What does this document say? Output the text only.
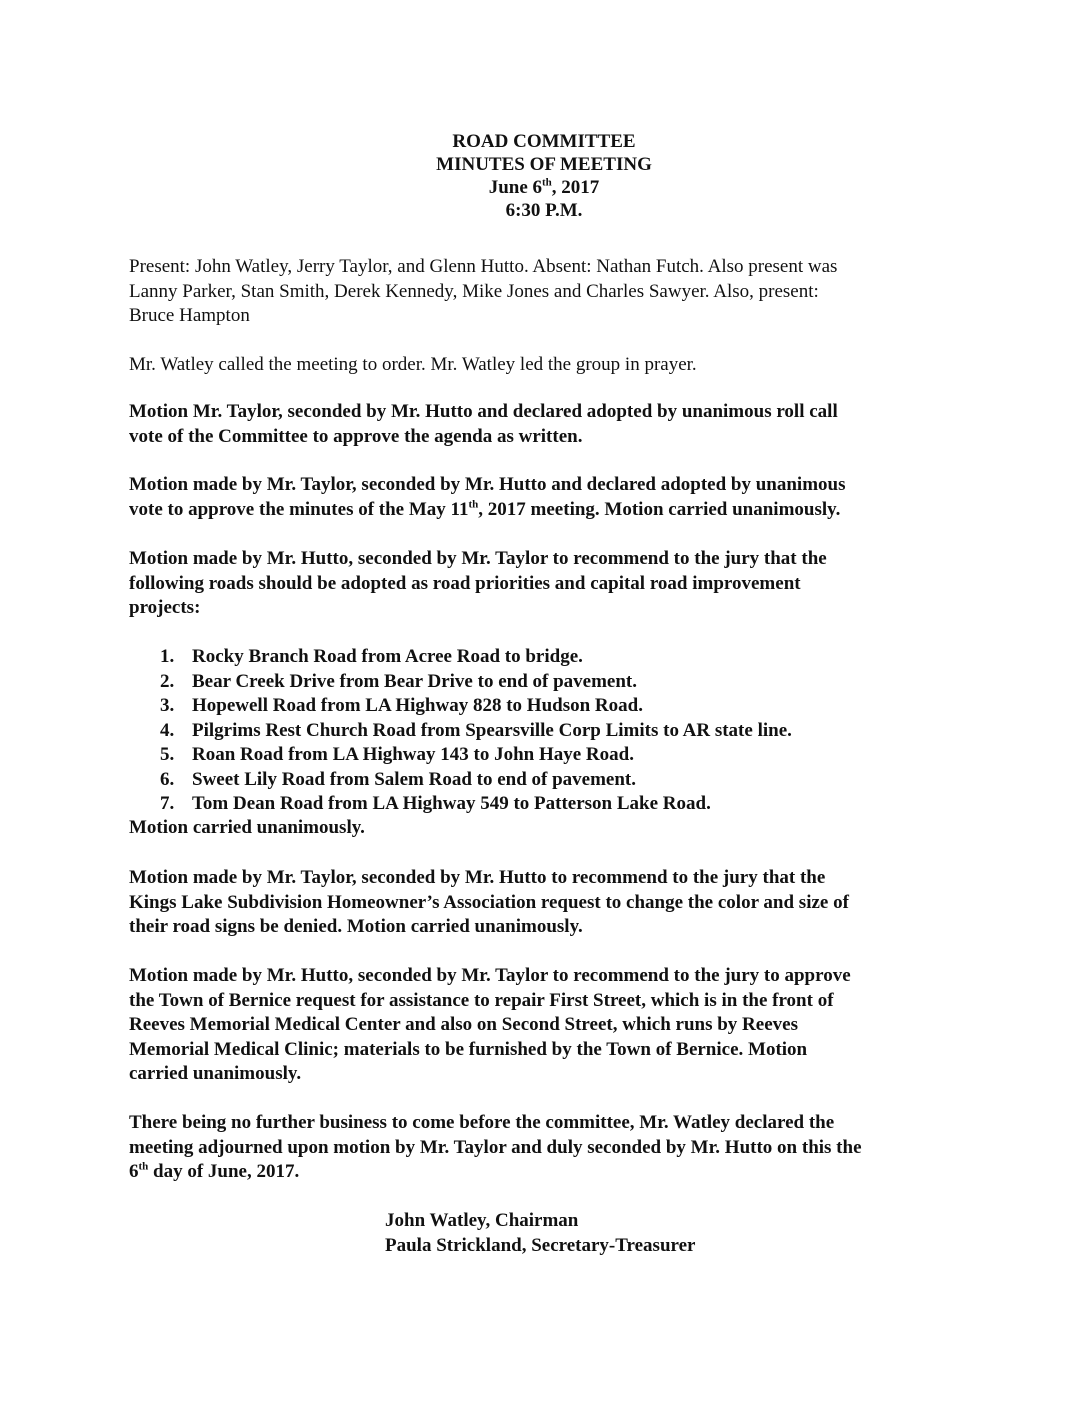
ROAD COMMITTEE
MINUTES OF MEETING
June 6th, 2017
6:30 P.M.
Present: John Watley, Jerry Taylor, and Glenn Hutto. Absent: Nathan Futch. Also present was
Lanny Parker, Stan Smith, Derek Kennedy, Mike Jones and Charles Sawyer. Also, present:
Bruce Hampton
Mr. Watley called the meeting to order. Mr. Watley led the group in prayer.
Motion Mr. Taylor, seconded by Mr. Hutto and declared adopted by unanimous roll call
vote of the Committee to approve the agenda as written.
Motion made by Mr. Taylor, seconded by Mr. Hutto and declared adopted by unanimous
vote to approve the minutes of the May 11th, 2017 meeting. Motion carried unanimously.
Motion made by Mr. Hutto, seconded by Mr. Taylor to recommend to the jury that the
following roads should be adopted as road priorities and capital road improvement
projects:
1. Rocky Branch Road from Acree Road to bridge.
2. Bear Creek Drive from Bear Drive to end of pavement.
3. Hopewell Road from LA Highway 828 to Hudson Road.
4. Pilgrims Rest Church Road from Spearsville Corp Limits to AR state line.
5. Roan Road from LA Highway 143 to John Haye Road.
6. Sweet Lily Road from Salem Road to end of pavement.
7. Tom Dean Road from LA Highway 549 to Patterson Lake Road.
Motion carried unanimously.
Motion made by Mr. Taylor, seconded by Mr. Hutto to recommend to the jury that the
Kings Lake Subdivision Homeowner’s Association request to change the color and size of
their road signs be denied. Motion carried unanimously.
Motion made by Mr. Hutto, seconded by Mr. Taylor to recommend to the jury to approve
the Town of Bernice request for assistance to repair First Street, which is in the front of
Reeves Memorial Medical Center and also on Second Street, which runs by Reeves
Memorial Medical Clinic; materials to be furnished by the Town of Bernice. Motion
carried unanimously.
There being no further business to come before the committee, Mr. Watley declared the
meeting adjourned upon motion by Mr. Taylor and duly seconded by Mr. Hutto on this the
6th day of June, 2017.
John Watley, Chairman
Paula Strickland, Secretary-Treasurer
